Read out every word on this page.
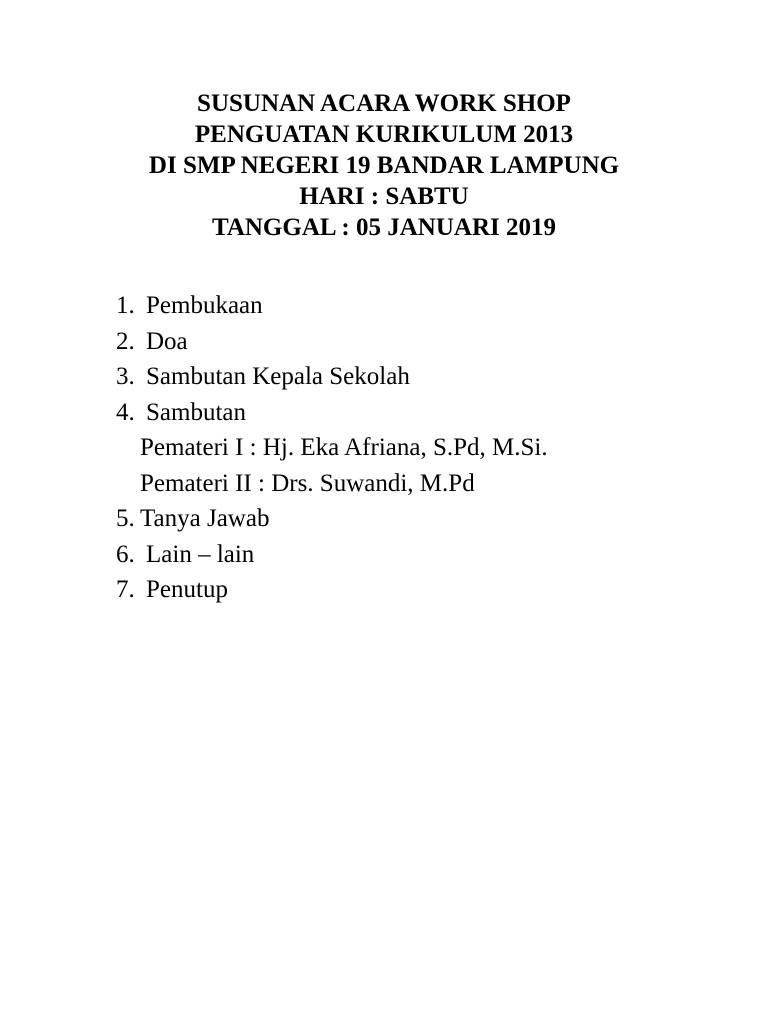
SUSUNAN ACARA WORK SHOP
PENGUATAN KURIKULUM 2013
DI SMP NEGERI 19 BANDAR LAMPUNG
HARI : SABTU
TANGGAL : 05 JANUARI 2019
1. Pembukaan
2. Doa
3. Sambutan Kepala Sekolah
4. Sambutan
Pemateri I : Hj. Eka Afriana, S.Pd, M.Si.
Pemateri II : Drs. Suwandi, M.Pd
5. Tanya Jawab
6. Lain – lain
7. Penutup
